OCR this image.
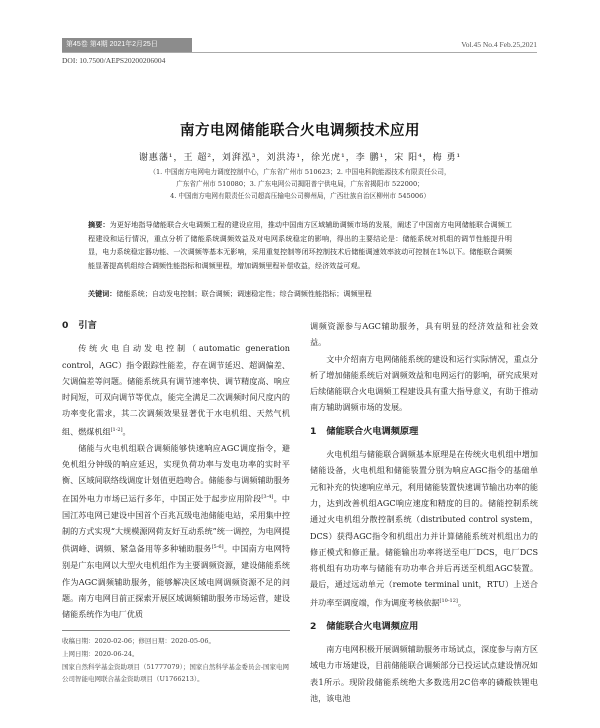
第45卷 第4期 2021年2月25日	Vol.45 No.4 Feb.25,2021
DOI: 10.7500/AEPS20200206004
南方电网储能联合火电调频技术应用
谢惠藩¹，王 超²，刘湃泓³，刘洪涛¹，徐光虎¹，李 鹏¹，宋 阳⁴，梅 勇¹
（1. 中国南方电网电力调度控制中心，广东省广州市 510623；2. 中国电科院能源技术有限责任公司，
广东省广州市 510080；3. 广东电网公司揭阳普宁供电局，广东省揭阳市 522000；
4. 中国南方电网有限责任公司超高压输电公司柳州局，广西壮族自治区柳州市 545006）
摘要：为更好地指导储能联合火电调频工程的建设应用，推动中国南方区域辅助调频市场的发展，阐述了中国南方电网储能联合调频工程建设和运行情况，重点分析了储能系统调频效益及对电网系统稳定的影响，得出的主要结论是：储能系统对机组的调节性能提升明显，电力系统稳定器功能、一次调频等基本无影响，采用重复控制等闭环控制技术后储能调速效率波动可控制在1%以下。储能联合调频能显著提高机组综合调频性能指标和调频里程，增加调频里程补偿收益，经济效益可观。
关键词：储能系统；自动发电控制；联合调频；调速稳定性；综合调频性能指标；调频里程
0 引言

传统火电自动发电控制（automatic generation control，AGC）指令跟踪性能差，存在调节延迟、超调偏差、欠调偏差等问题。储能系统具有调节速率快、调节精度高、响应时间短，可双向调节等优点，能完全满足二次调频时间尺度内的功率变化需求，其二次调频效果显著优于水电机组、天然气机组、燃煤机组[1-2]。

储能与火电机组联合调频能够快速响应AGC调度指令，避免机组分钟级的响应延迟，实现负荷功率与发电功率的实时平衡、区域间联络线调度计划值更趋吻合。储能参与调频辅助服务在国外电力市场已运行多年，中国正处于起步应用阶段[3-4]。中国江苏电网已建设中国首个百兆瓦级电池储能电站，采用集中控制的方式实现“大规模源网荷友好互动系统”统一调控，为电网提供调峰、调频、紧急备用等多种辅助服务[5-6]。中国南方电网特别是广东电网以大型火电机组作为主要调频资源，建设储能系统作为AGC调频辅助服务，能够解决区域电网调频资源不足的问题。南方电网目前正探索开展区域调频辅助服务市场运营，建设储能系统作为电厂优质

调频资源参与AGC辅助服务，具有明显的经济效益和社会效益。

文中介绍南方电网储能系统的建设和运行实际情况，重点分析了增加储能系统后对调频效益和电网运行的影响，研究成果对后续储能联合火电调频工程建设具有重大指导意义，有助于推动南方辅助调频市场的发展。

1 储能联合火电调频原理

火电机组与储能联合调频基本原理是在传统火电机组中增加储能设备，火电机组和储能装置分别为响应AGC指令的基础单元和补充的快速响应单元，利用储能装置快速调节输出功率的能力，达到改善机组AGC响应速度和精度的目的。储能控制系统通过火电机组分散控制系统（distributed control system，DCS）获得AGC指令和机组出力并计算储能系统对机组出力的修正模式和修正量。储能输出功率将送至电厂DCS，电厂DCS将机组有功功率与储能有功功率合并后再送至机组AGC装置。最后，通过远动单元（remote terminal unit，RTU）上送合并功率至调度端，作为调度考核依据[10-12]。

2 储能联合火电调频应用

南方电网积极开展调频辅助服务市场试点，深度参与南方区域电力市场建设，目前储能联合调频部分已投运试点建设情况如表1所示。现阶段储能系统绝大多数选用2C倍率的磷酸铁锂电池，该电池

收稿日期：2020-02-06；修回日期：2020-05-06。
上网日期：2020-06-24。
国家自然科学基金资助项目（51777079）；国家自然科学基金委员会-国家电网公司智能电网联合基金资助项目（U1766213）。
